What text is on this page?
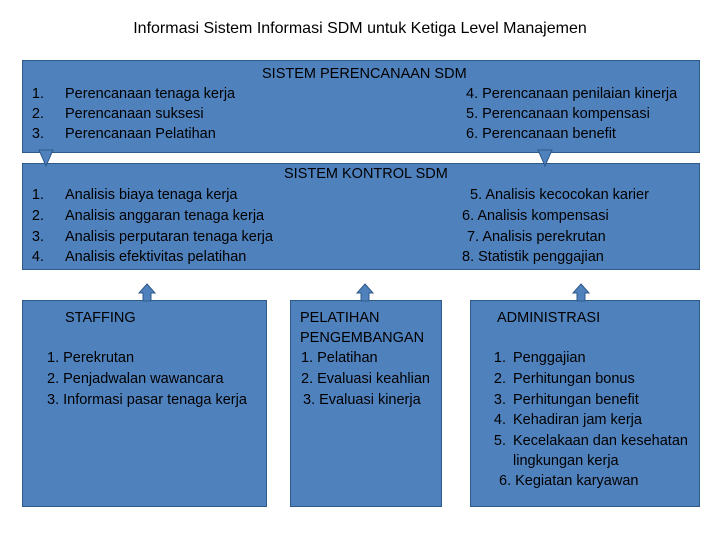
Informasi Sistem Informasi SDM untuk Ketiga Level Manajemen
SISTEM PERENCANAAN SDM
1.
2.
3.
Perencanaan tenaga kerja
Perencanaan suksesi
Perencanaan Pelatihan
4. Perencanaan penilaian kinerja
5. Perencanaan kompensasi
6. Perencanaan benefit
SISTEM KONTROL SDM
1.
2.
3.
4.
Analisis biaya tenaga kerja
Analisis anggaran tenaga kerja
Analisis perputaran tenaga kerja
Analisis efektivitas pelatihan
5. Analisis kecocokan karier
6. Analisis kompensasi
7. Analisis perekrutan
8. Statistik penggajian
STAFFING
1. Perekrutan
2. Penjadwalan wawancara
3. Informasi pasar tenaga kerja
PELATIHAN
PENGEMBANGAN
1. Pelatihan
2. Evaluasi keahlian
3. Evaluasi kinerja
ADMINISTRASI
1.
2.
3.
4.
5.
Penggajian
Perhitungan bonus
Perhitungan benefit
Kehadiran jam kerja
Kecelakaan dan kesehatan
lingkungan kerja
6. Kegiatan karyawan
